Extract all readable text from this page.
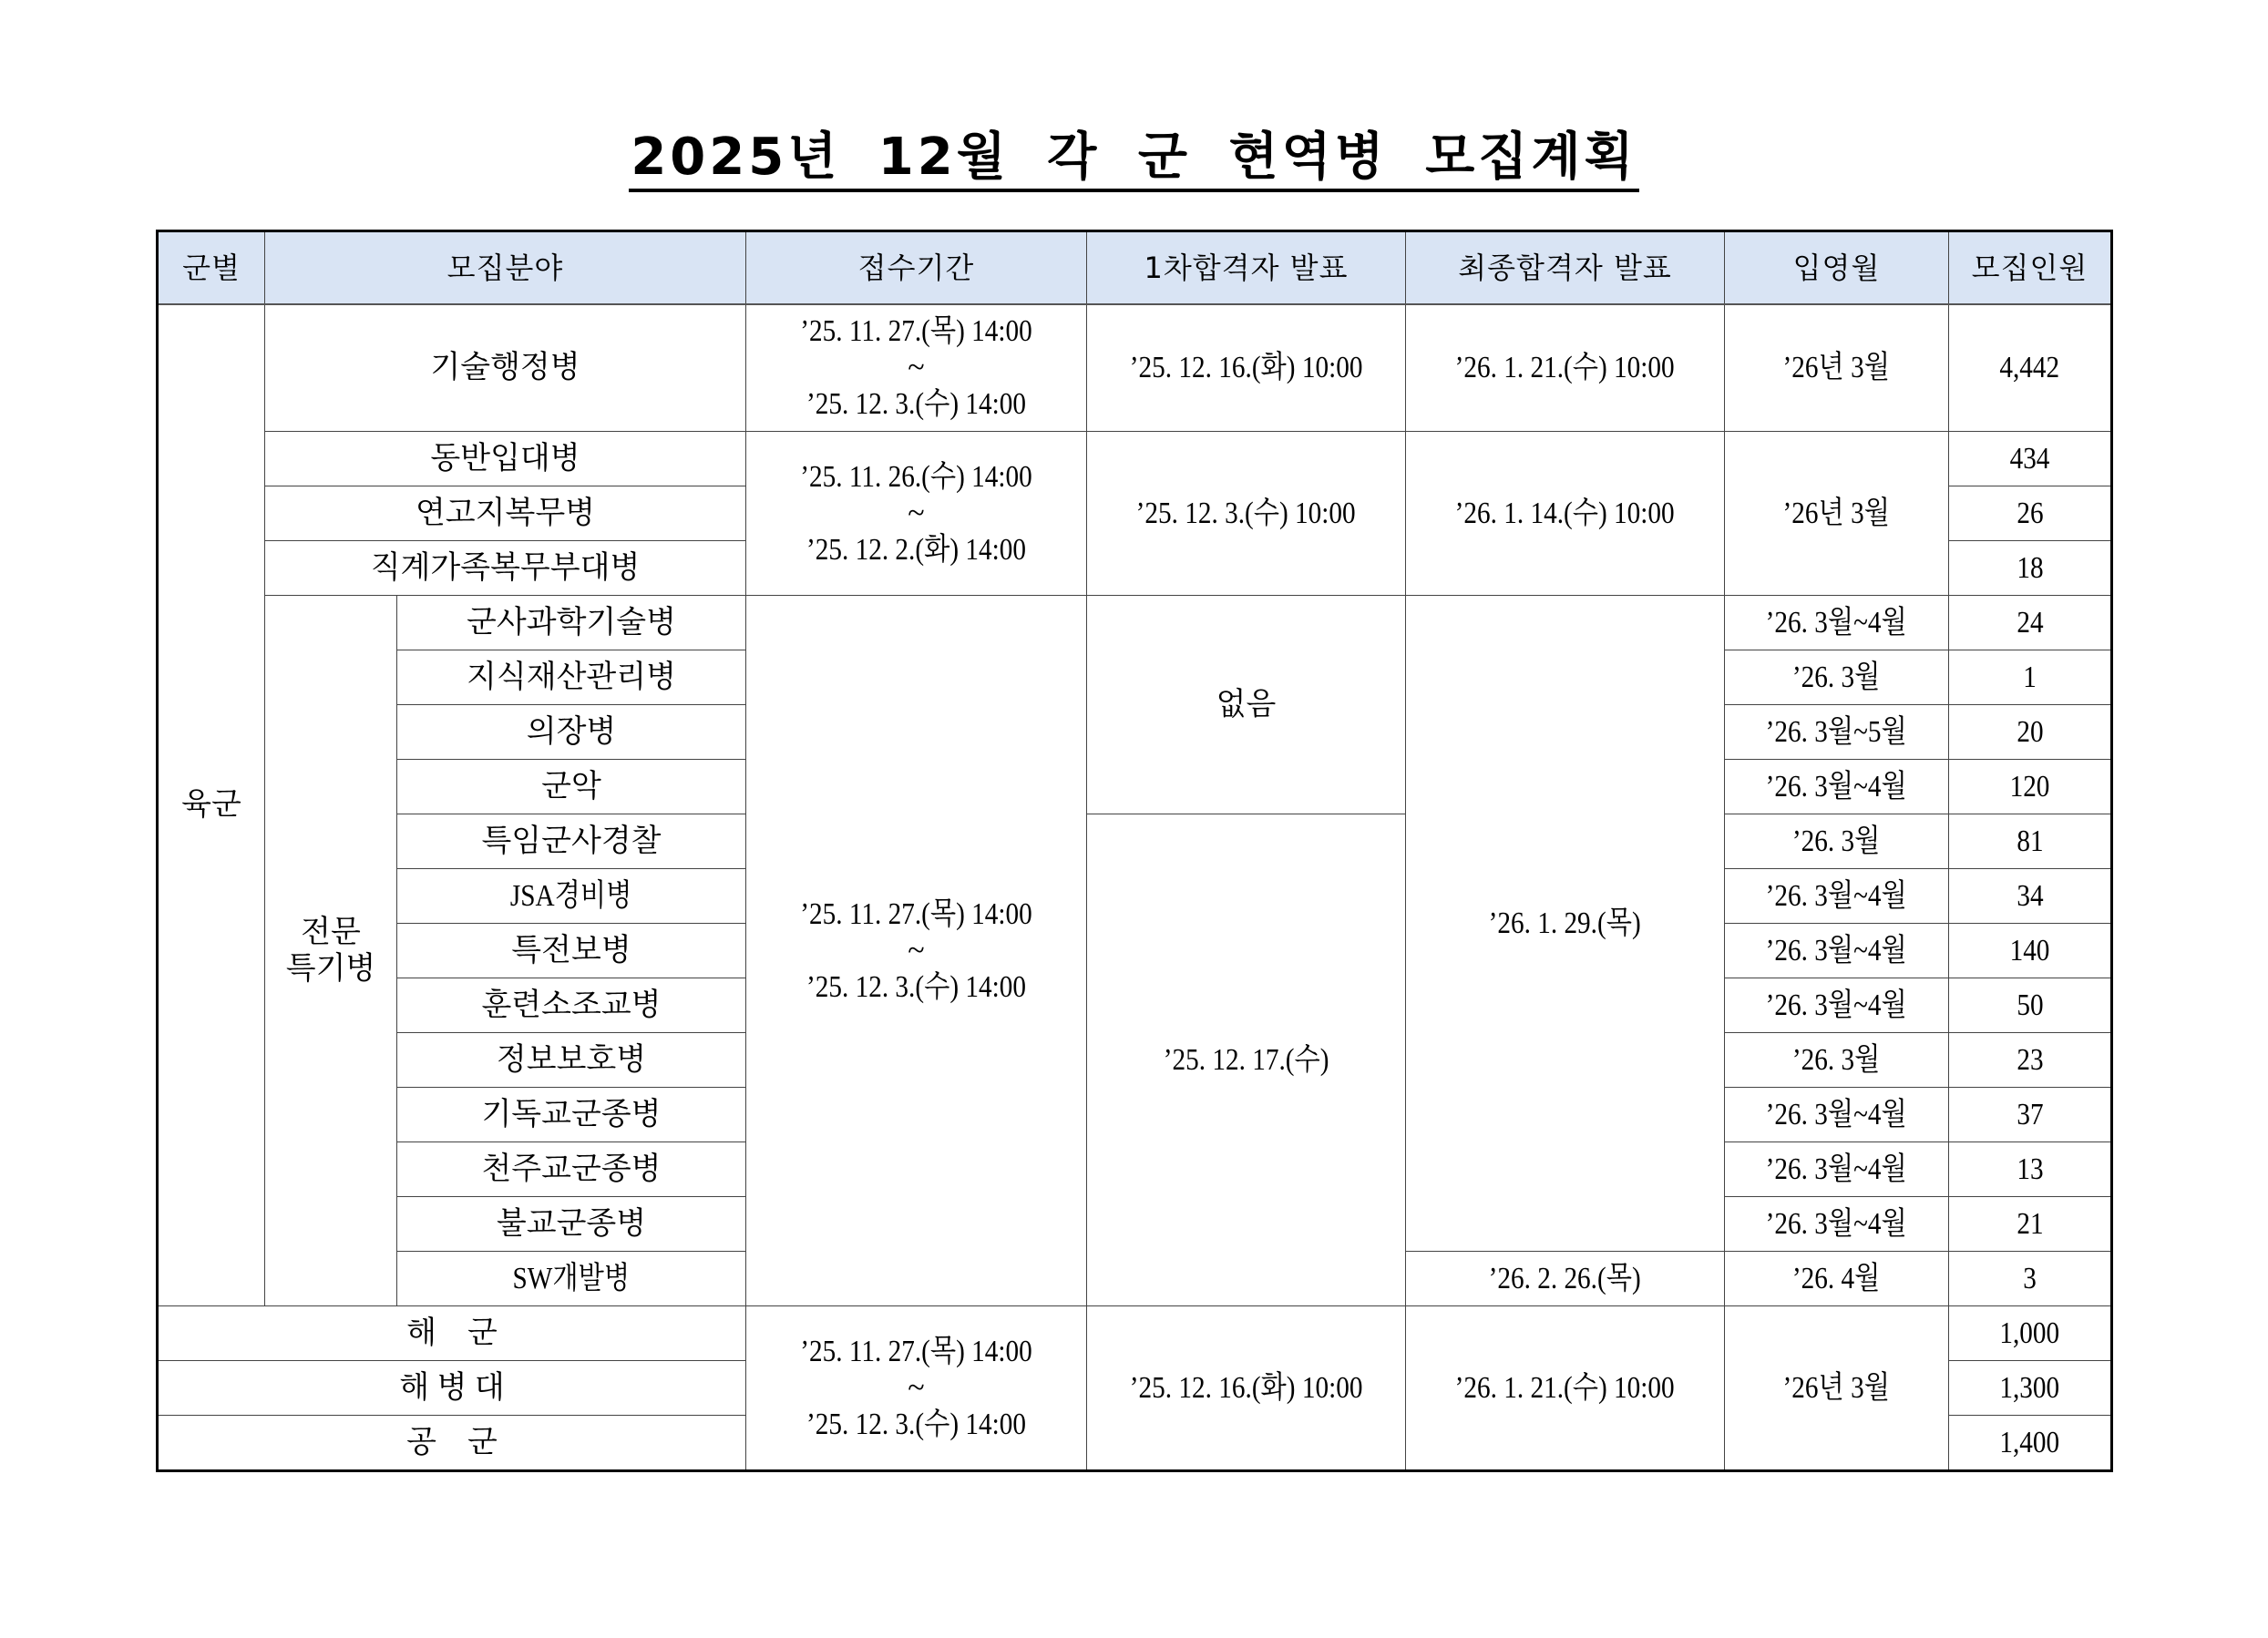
2025년 12월 각 군 현역병 모집계획
군별	모집분야		접수기간	1차합격자 발표	최종합격자 발표	입영월	모집인원
육군	기술행정병		’25. 11. 27.(목) 14:00
~
’25. 12. 3.(수) 14:00	’25. 12. 16.(화) 10:00	’26. 1. 21.(수) 10:00	’26년 3월	4,442
	동반입대병		’25. 11. 26.(수) 14:00
~
’25. 12. 2.(화) 14:00	’25. 12. 3.(수) 10:00	’26. 1. 14.(수) 10:00	’26년 3월	434
	연고지복무병						26
	직계가족복무부대병						18

	전문
특기병	군사과학기술병	’25. 11. 27.(목) 14:00
~
’25. 12. 3.(수) 14:00	없음	’26. 1. 29.(목)	’26. 3월~4월	24
		지식재산관리병				’26. 3월	1
		의장병				’26. 3월~5월	20
		군악				’26. 3월~4월	120
		특임군사경찰		’25. 12. 17.(수)		’26. 3월	81
		JSA경비병				’26. 3월~4월	34
		특전보병				’26. 3월~4월	140
		훈련소조교병				’26. 3월~4월	50
		정보보호병				’26. 3월	23
		기독교군종병				’26. 3월~4월	37
		천주교군종병				’26. 3월~4월	13
		불교군종병				’26. 3월~4월	21
		SW개발병			’26. 2. 26.(목)	’26. 4월	3
해    군			’25. 11. 27.(목) 14:00
~
’25. 12. 3.(수) 14:00	’25. 12. 16.(화) 10:00	’26. 1. 21.(수) 10:00	’26년 3월	1,000
해 병 대							1,300
공    군							1,400
